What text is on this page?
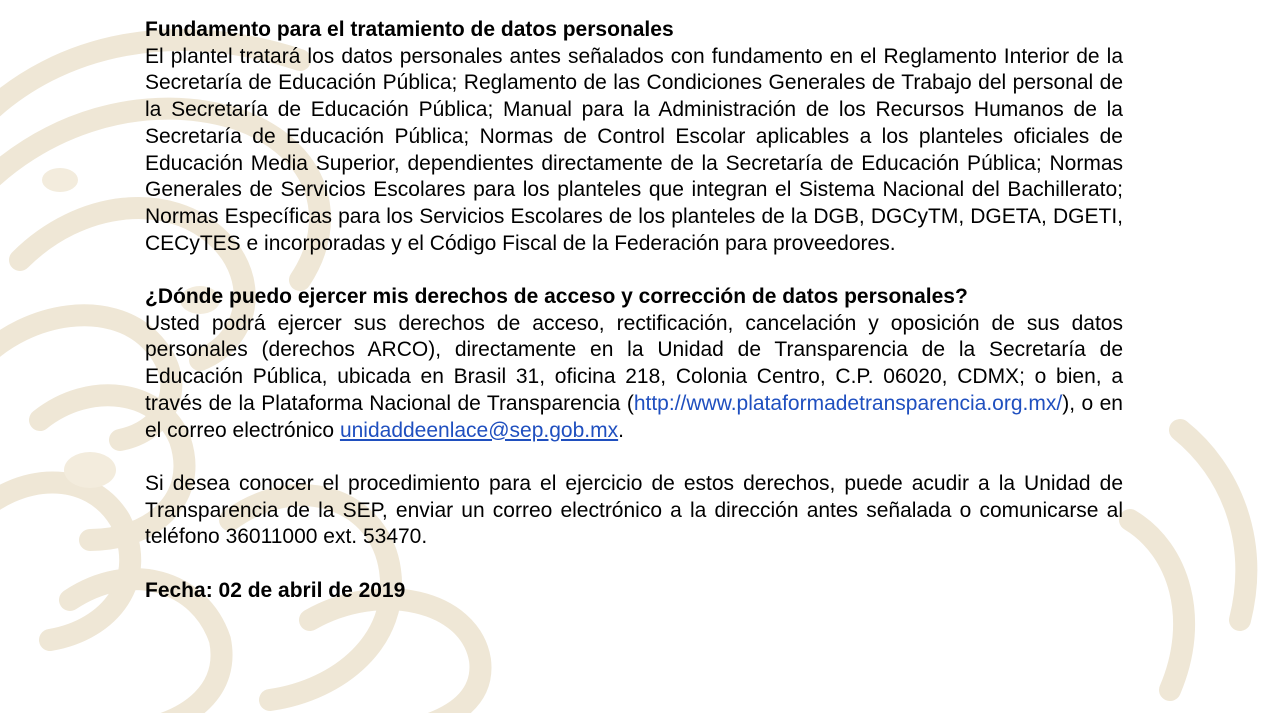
Fundamento para el tratamiento de datos personales
El plantel tratará los datos personales antes señalados con fundamento en el Reglamento Interior de la Secretaría de Educación Pública; Reglamento de las Condiciones Generales de Trabajo del personal de la Secretaría de Educación Pública; Manual para la Administración de los Recursos Humanos de la Secretaría de Educación Pública; Normas de Control Escolar aplicables a los planteles oficiales de Educación Media Superior, dependientes directamente de la Secretaría de Educación Pública; Normas Generales de Servicios Escolares para los planteles que integran el Sistema Nacional del Bachillerato; Normas Específicas para los Servicios Escolares de los planteles de la DGB, DGCyTM, DGETA, DGETI, CECyTES e incorporadas y el Código Fiscal de la Federación para proveedores.
¿Dónde puedo ejercer mis derechos de acceso y corrección de datos personales?
Usted podrá ejercer sus derechos de acceso, rectificación, cancelación y oposición de sus datos personales (derechos ARCO), directamente en la Unidad de Transparencia de la Secretaría de Educación Pública, ubicada en Brasil 31, oficina 218, Colonia Centro, C.P. 06020, CDMX; o bien, a través de la Plataforma Nacional de Transparencia (http://www.plataformadetransparencia.org.mx/), o en el correo electrónico unidaddeenlace@sep.gob.mx.
Si desea conocer el procedimiento para el ejercicio de estos derechos, puede acudir a la Unidad de Transparencia de la SEP, enviar un correo electrónico a la dirección antes señalada o comunicarse al teléfono 36011000 ext. 53470.
Fecha: 02 de abril de 2019
